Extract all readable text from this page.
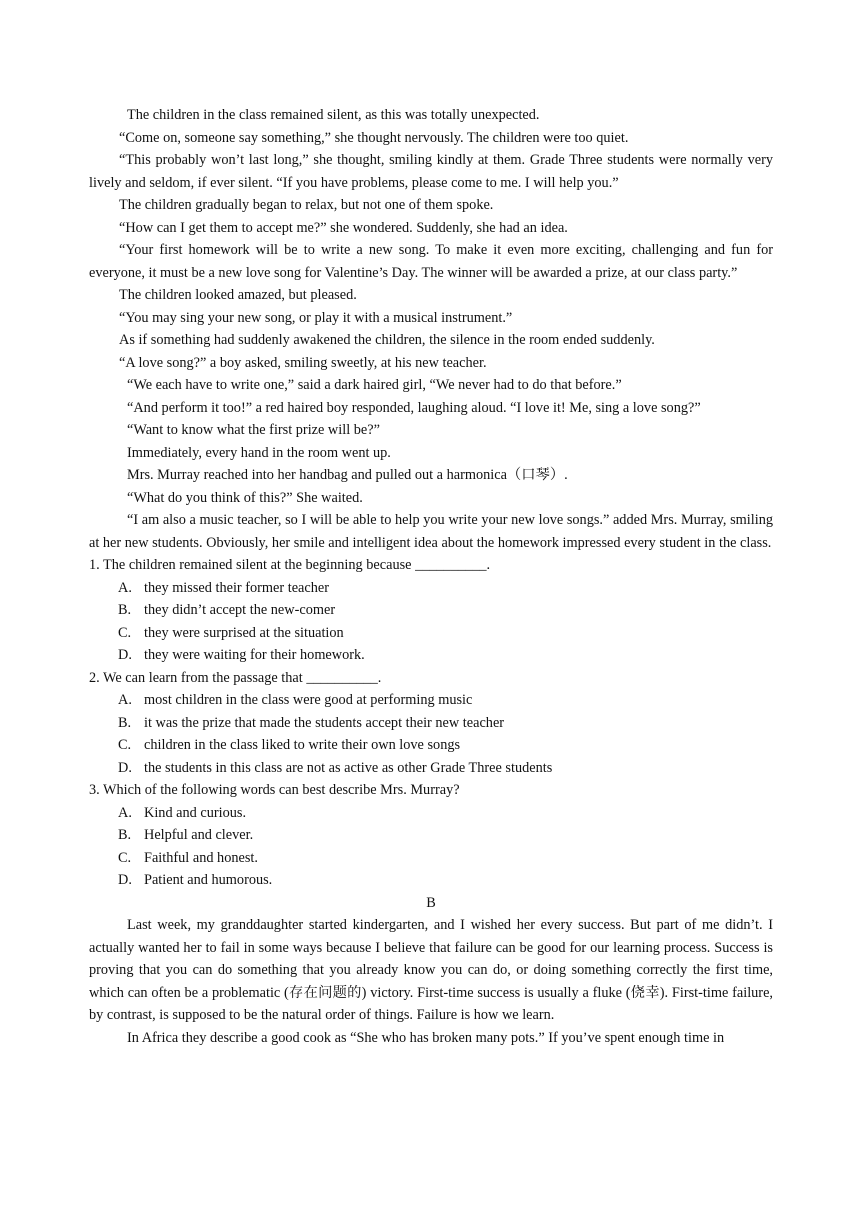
The children in the class remained silent, as this was totally unexpected.

“Come on, someone say something,” she thought nervously. The children were too quiet.

“This probably won’t last long,” she thought, smiling kindly at them. Grade Three students were normally very lively and seldom, if ever silent. “If you have problems, please come to me. I will help you.”

The children gradually began to relax, but not one of them spoke.

“How can I get them to accept me?” she wondered. Suddenly, she had an idea.

“Your first homework will be to write a new song. To make it even more exciting, challenging and fun for everyone, it must be a new love song for Valentine’s Day. The winner will be awarded a prize, at our class party.”

The children looked amazed, but pleased.

“You may sing your new song, or play it with a musical instrument.”

As if something had suddenly awakened the children, the silence in the room ended suddenly.

“A love song?” a boy asked, smiling sweetly, at his new teacher.

“We each have to write one,” said a dark haired girl, “We never had to do that before.”

“And perform it too!” a red haired boy responded, laughing aloud. “I love it! Me, sing a love song?”

“Want to know what the first prize will be?”

Immediately, every hand in the room went up.

Mrs. Murray reached into her handbag and pulled out a harmonica（口琴）.

“What do you think of this?” She waited.

“I am also a music teacher, so I will be able to help you write your new love songs.” added Mrs. Murray, smiling at her new students. Obviously, her smile and intelligent idea about the homework impressed every student in the class.

1. The children remained silent at the beginning because __________.

A. they missed their former teacher

B. they didn’t accept the new-comer

C. they were surprised at the situation

D. they were waiting for their homework.

2. We can learn from the passage that __________.

A. most children in the class were good at performing music

B. it was the prize that made the students accept their new teacher

C. children in the class liked to write their own love songs

D. the students in this class are not as active as other Grade Three students

3. Which of the following words can best describe Mrs. Murray?

A. Kind and curious.

B. Helpful and clever.

C. Faithful and honest.

D. Patient and humorous.

B

Last week, my granddaughter started kindergarten, and I wished her every success. But part of me didn’t. I actually wanted her to fail in some ways because I believe that failure can be good for our learning process. Success is proving that you can do something that you already know you can do, or doing something correctly the first time, which can often be a problematic (存在问题的) victory. First-time success is usually a fluke (侥幸). First-time failure, by contrast, is supposed to be the natural order of things. Failure is how we learn.

In Africa they describe a good cook as “She who has broken many pots.” If you’ve spent enough time in
